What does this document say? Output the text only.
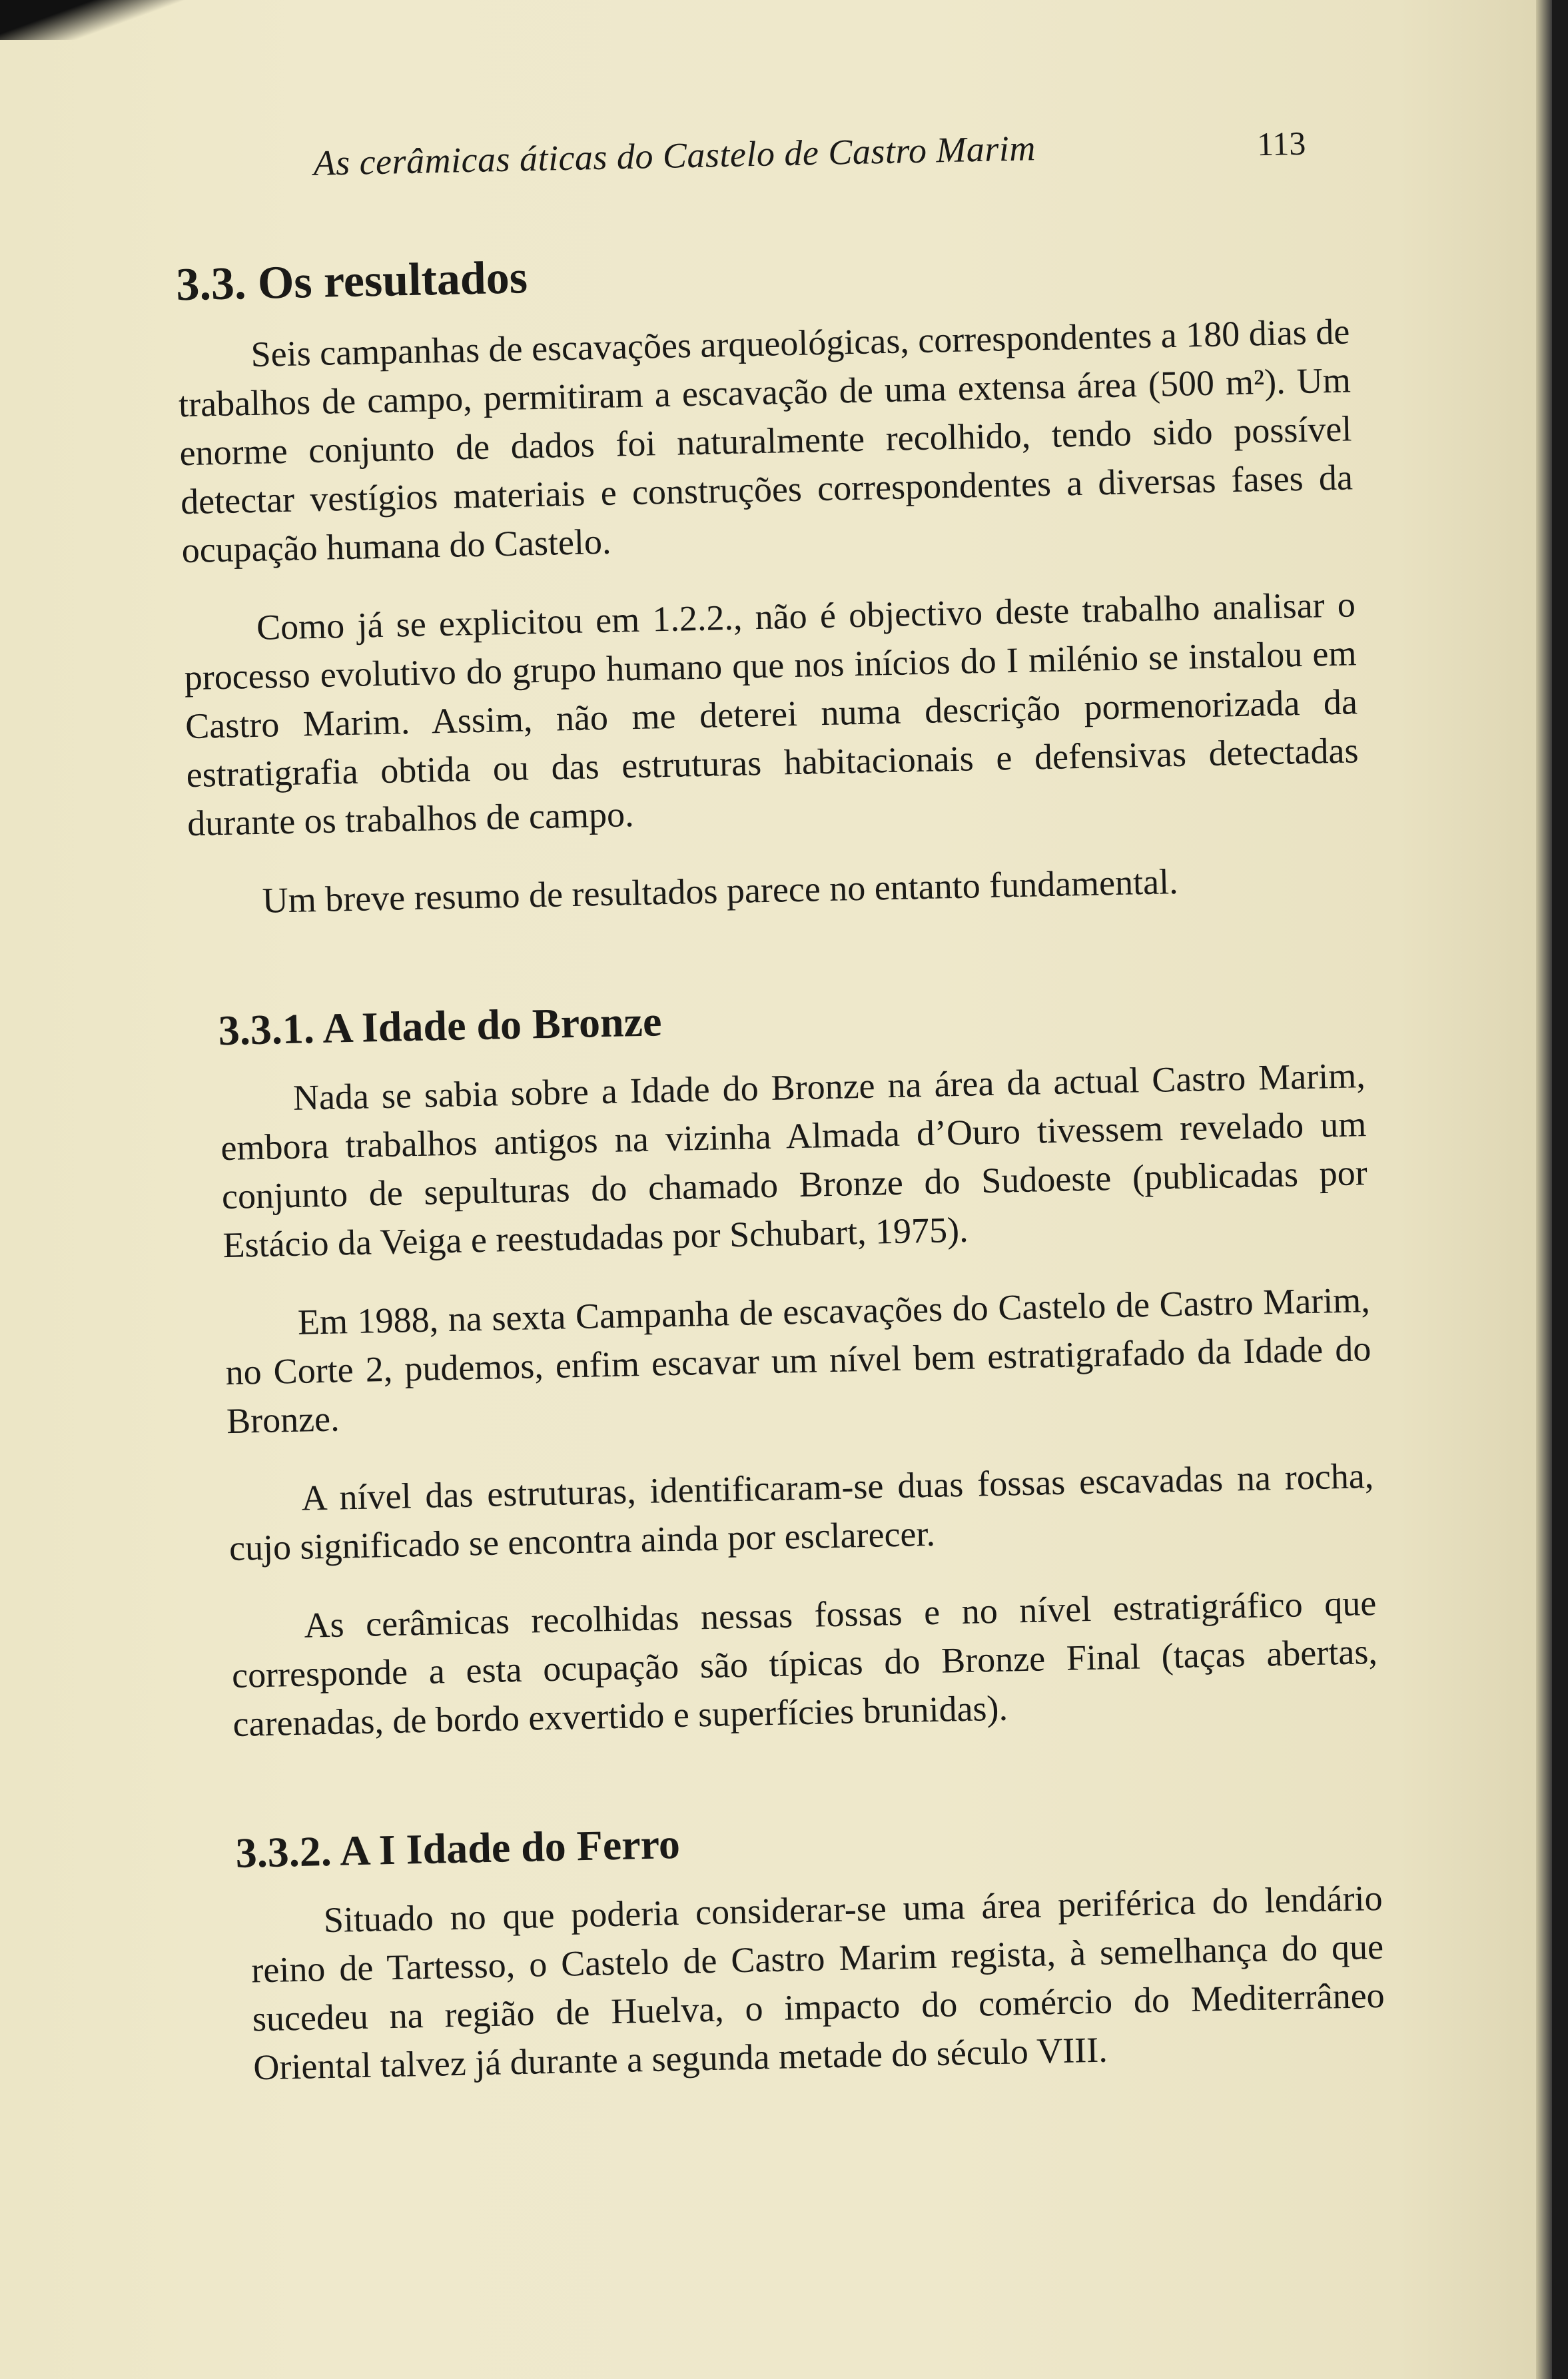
As cerâmicas áticas do Castelo de Castro Marim	113
3.3. Os resultados

Seis campanhas de escavações arqueológicas, correspondentes a 180 dias de trabalhos de campo, permitiram a escavação de uma extensa área (500 m²). Um enorme conjunto de dados foi naturalmente recolhido, tendo sido possível detectar vestígios materiais e construções correspondentes a diversas fases da ocupação humana do Castelo.

Como já se explicitou em 1.2.2., não é objectivo deste trabalho analisar o processo evolutivo do grupo humano que nos inícios do I milénio se instalou em Castro Marim. Assim, não me deterei numa descrição pormenorizada da estratigrafia obtida ou das estruturas habitacionais e defensivas detectadas durante os trabalhos de campo.

Um breve resumo de resultados parece no entanto fundamental.

3.3.1. A Idade do Bronze

Nada se sabia sobre a Idade do Bronze na área da actual Castro Marim, embora trabalhos antigos na vizinha Almada d’Ouro tivessem revelado um conjunto de sepulturas do chamado Bronze do Sudoeste (publicadas por Estácio da Veiga e reestudadas por Schubart, 1975).

Em 1988, na sexta Campanha de escavações do Castelo de Castro Marim, no Corte 2, pudemos, enfim escavar um nível bem estratigrafado da Idade do Bronze.

A nível das estruturas, identificaram-se duas fossas escavadas na rocha, cujo significado se encontra ainda por esclarecer.

As cerâmicas recolhidas nessas fossas e no nível estratigráfico que corresponde a esta ocupação são típicas do Bronze Final (taças abertas, carenadas, de bordo exvertido e superfícies brunidas).

3.3.2. A I Idade do Ferro

Situado no que poderia considerar-se uma área periférica do lendário reino de Tartesso, o Castelo de Castro Marim regista, à semelhança do que sucedeu na região de Huelva, o impacto do comércio do Mediterrâneo Oriental talvez já durante a segunda metade do século VIII.
